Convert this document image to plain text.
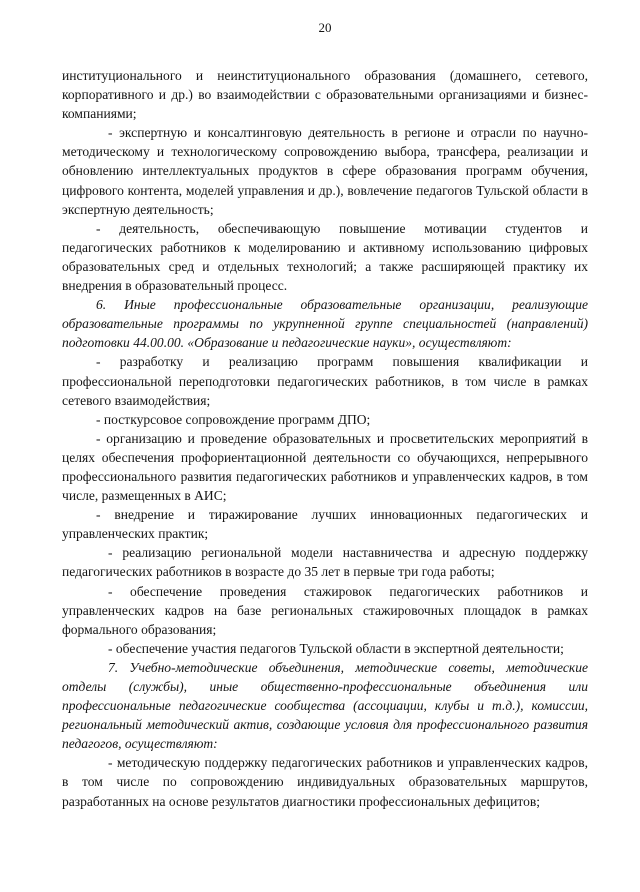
20

институционального и неинституционального образования (домашнего, сетевого, корпоративного и др.) во взаимодействии с образовательными организациями и бизнес-компаниями;

- экспертную и консалтинговую деятельность в регионе и отрасли по научно-методическому и технологическому сопровождению выбора, трансфера, реализации и обновлению интеллектуальных продуктов в сфере образования программ обучения, цифрового контента, моделей управления и др.), вовлечение педагогов Тульской области в экспертную деятельность;

- деятельность, обеспечивающую повышение мотивации студентов и педагогических работников к моделированию и активному использованию цифровых образовательных сред и отдельных технологий; а также расширяющей практику их внедрения в образовательный процесс.

6. Иные профессиональные образовательные организации, реализующие образовательные программы по укрупненной группе специальностей (направлений) подготовки 44.00.00. «Образование и педагогические науки», осуществляют:

- разработку и реализацию программ повышения квалификации и профессиональной переподготовки педагогических работников, в том числе в рамках сетевого взаимодействия;

- посткурсовое сопровождение программ ДПО;

- организацию и проведение образовательных и просветительских мероприятий в целях обеспечения профориентационной деятельности со обучающихся, непрерывного профессионального развития педагогических работников и управленческих кадров, в том числе, размещенных в АИС;

- внедрение и тиражирование лучших инновационных педагогических и управленческих практик;

- реализацию региональной модели наставничества и адресную поддержку педагогических работников в возрасте до 35 лет в первые три года работы;

- обеспечение проведения стажировок педагогических работников и управленческих кадров на базе региональных стажировочных площадок в рамках формального образования;

- обеспечение участия педагогов Тульской области в экспертной деятельности;

7. Учебно-методические объединения, методические советы, методические отделы (службы), иные общественно-профессиональные объединения или профессиональные педагогические сообщества (ассоциации, клубы и т.д.), комиссии, региональный методический актив, создающие условия для профессионального развития педагогов, осуществляют:

- методическую поддержку педагогических работников и управленческих кадров, в том числе по сопровождению индивидуальных образовательных маршрутов, разработанных на основе результатов диагностики профессиональных дефицитов;
